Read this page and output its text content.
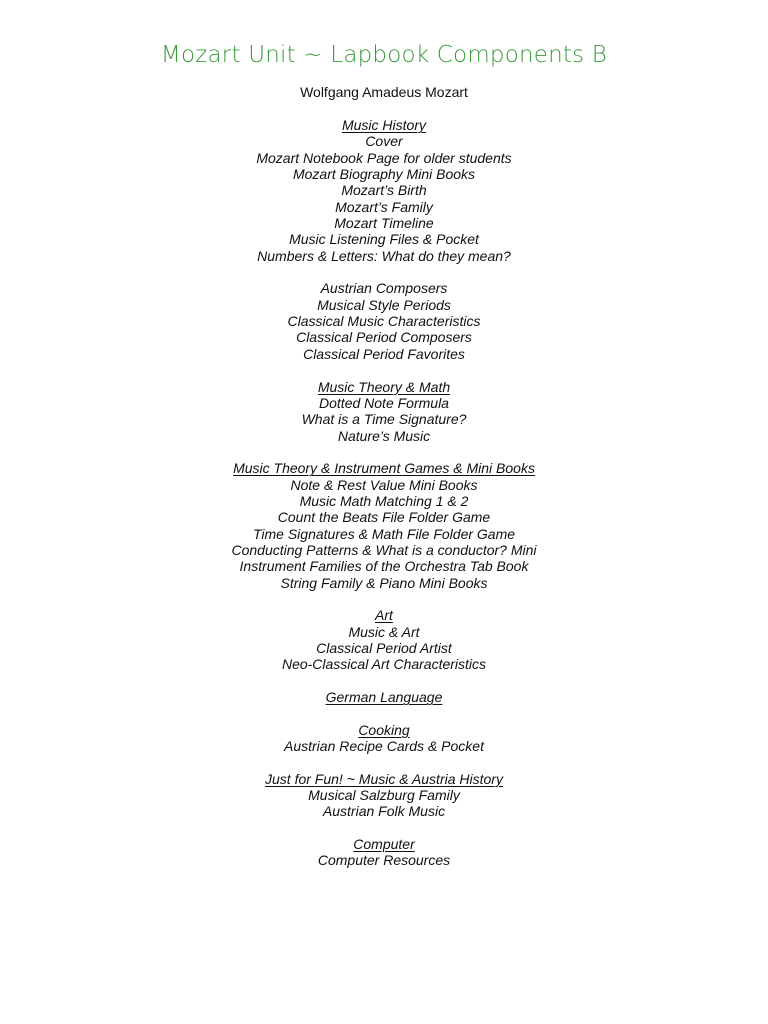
Mozart Unit ~ Lapbook Components B
Wolfgang Amadeus Mozart
Music History
Cover
Mozart Notebook Page for older students
Mozart Biography Mini Books
Mozart’s Birth
Mozart’s Family
Mozart Timeline
Music Listening Files & Pocket
Numbers & Letters: What do they mean?
Austrian Composers
Musical Style Periods
Classical Music Characteristics
Classical Period Composers
Classical Period Favorites
Music Theory & Math
Dotted Note Formula
What is a Time Signature?
Nature’s Music
Music Theory & Instrument Games & Mini Books
Note & Rest Value Mini Books
Music Math Matching 1 & 2
Count the Beats File Folder Game
Time Signatures & Math File Folder Game
Conducting Patterns & What is a conductor? Mini
Instrument Families of the Orchestra Tab Book
String Family & Piano Mini Books
Art
Music & Art
Classical Period Artist
Neo-Classical Art Characteristics
German Language
Cooking
Austrian Recipe Cards & Pocket
Just for Fun! ~ Music & Austria History
Musical Salzburg Family
Austrian Folk Music
Computer
Computer Resources
